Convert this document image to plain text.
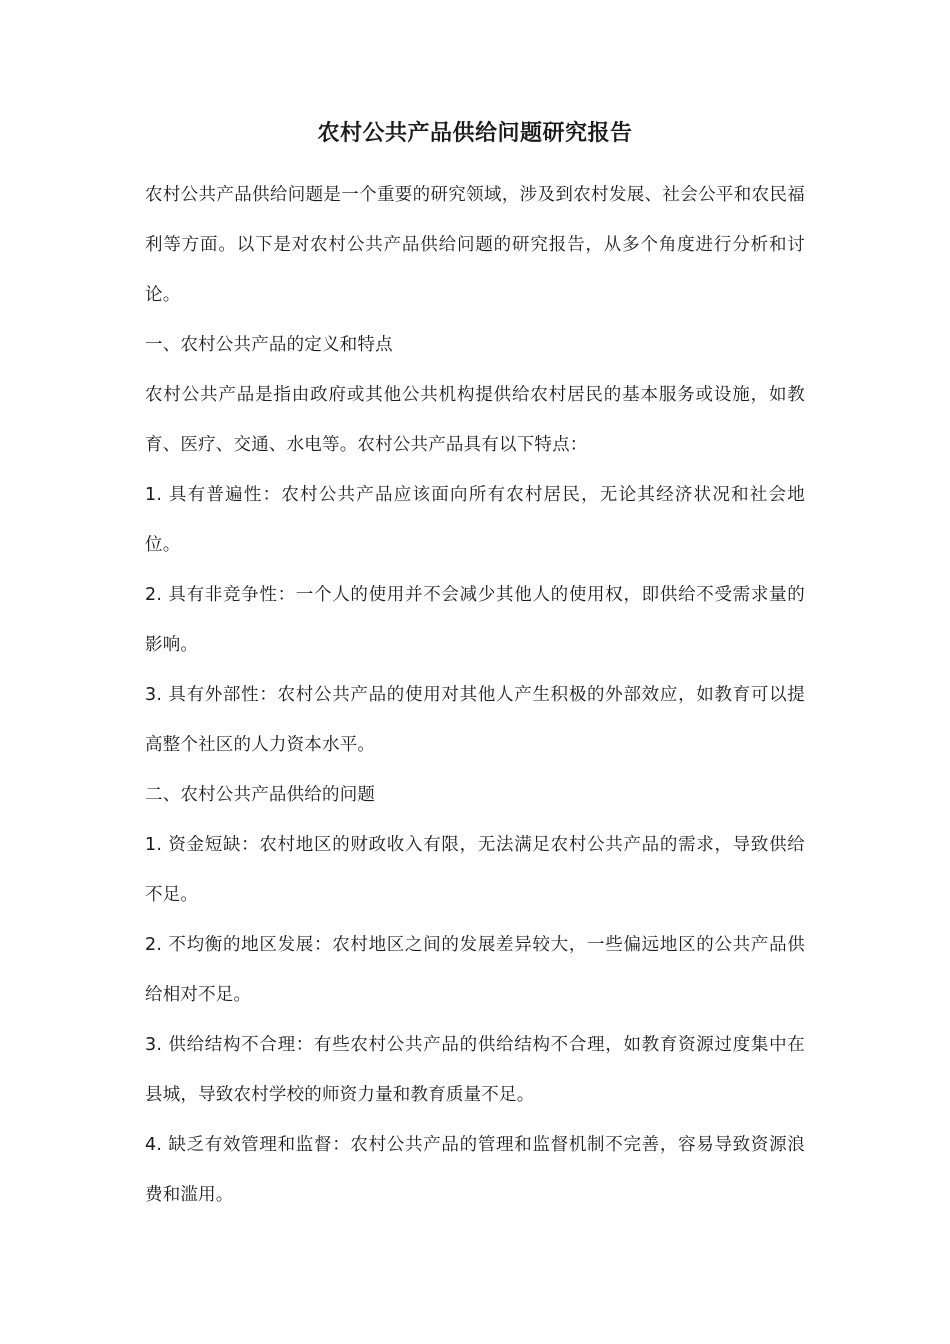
农村公共产品供给问题研究报告

农村公共产品供给问题是一个重要的研究领域，涉及到农村发展、社会公平和农民福利等方面。以下是对农村公共产品供给问题的研究报告，从多个角度进行分析和讨论。

一、农村公共产品的定义和特点

农村公共产品是指由政府或其他公共机构提供给农村居民的基本服务或设施，如教育、医疗、交通、水电等。农村公共产品具有以下特点：

1. 具有普遍性：农村公共产品应该面向所有农村居民，无论其经济状况和社会地位。

2. 具有非竞争性：一个人的使用并不会减少其他人的使用权，即供给不受需求量的影响。

3. 具有外部性：农村公共产品的使用对其他人产生积极的外部效应，如教育可以提高整个社区的人力资本水平。

二、农村公共产品供给的问题

1. 资金短缺：农村地区的财政收入有限，无法满足农村公共产品的需求，导致供给不足。

2. 不均衡的地区发展：农村地区之间的发展差异较大，一些偏远地区的公共产品供给相对不足。

3. 供给结构不合理：有些农村公共产品的供给结构不合理，如教育资源过度集中在县城，导致农村学校的师资力量和教育质量不足。

4. 缺乏有效管理和监督：农村公共产品的管理和监督机制不完善，容易导致资源浪费和滥用。
